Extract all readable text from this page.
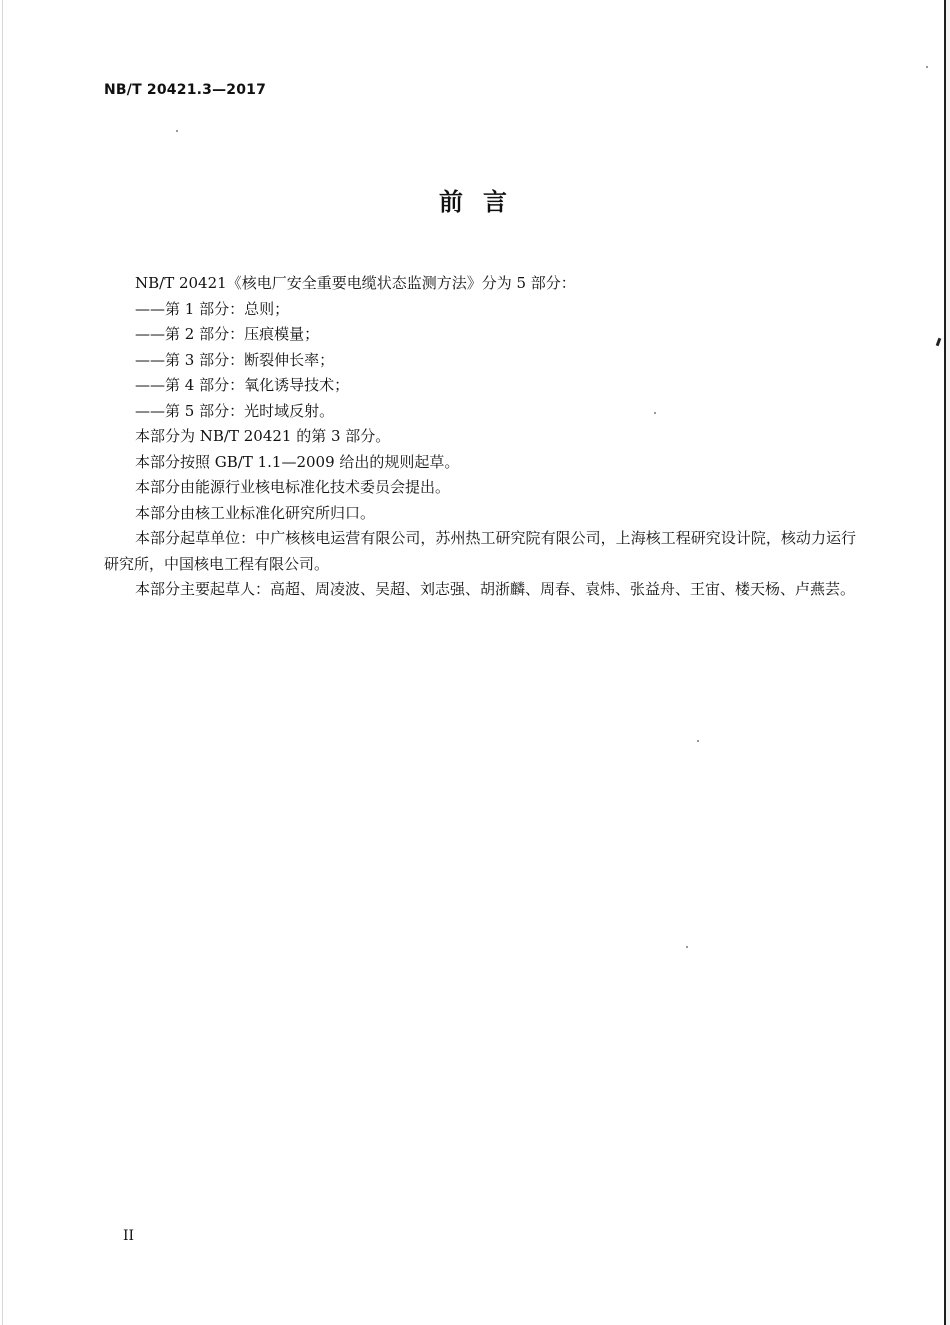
NB/T 20421.3—2017
前 言

NB/T 20421《核电厂安全重要电缆状态监测方法》分为 5 部分：

——第 1 部分：总则；

——第 2 部分：压痕模量；

——第 3 部分：断裂伸长率；

——第 4 部分：氧化诱导技术；

——第 5 部分：光时域反射。

本部分为 NB/T 20421 的第 3 部分。

本部分按照 GB/T 1.1—2009 给出的规则起草。

本部分由能源行业核电标准化技术委员会提出。

本部分由核工业标准化研究所归口。

本部分起草单位：中广核核电运营有限公司，苏州热工研究院有限公司，上海核工程研究设计院，核动力运行研究所，中国核电工程有限公司。

本部分主要起草人：高超、周凌波、吴超、刘志强、胡浙麟、周春、袁炜、张益舟、王宙、楼天杨、卢燕芸。

II
